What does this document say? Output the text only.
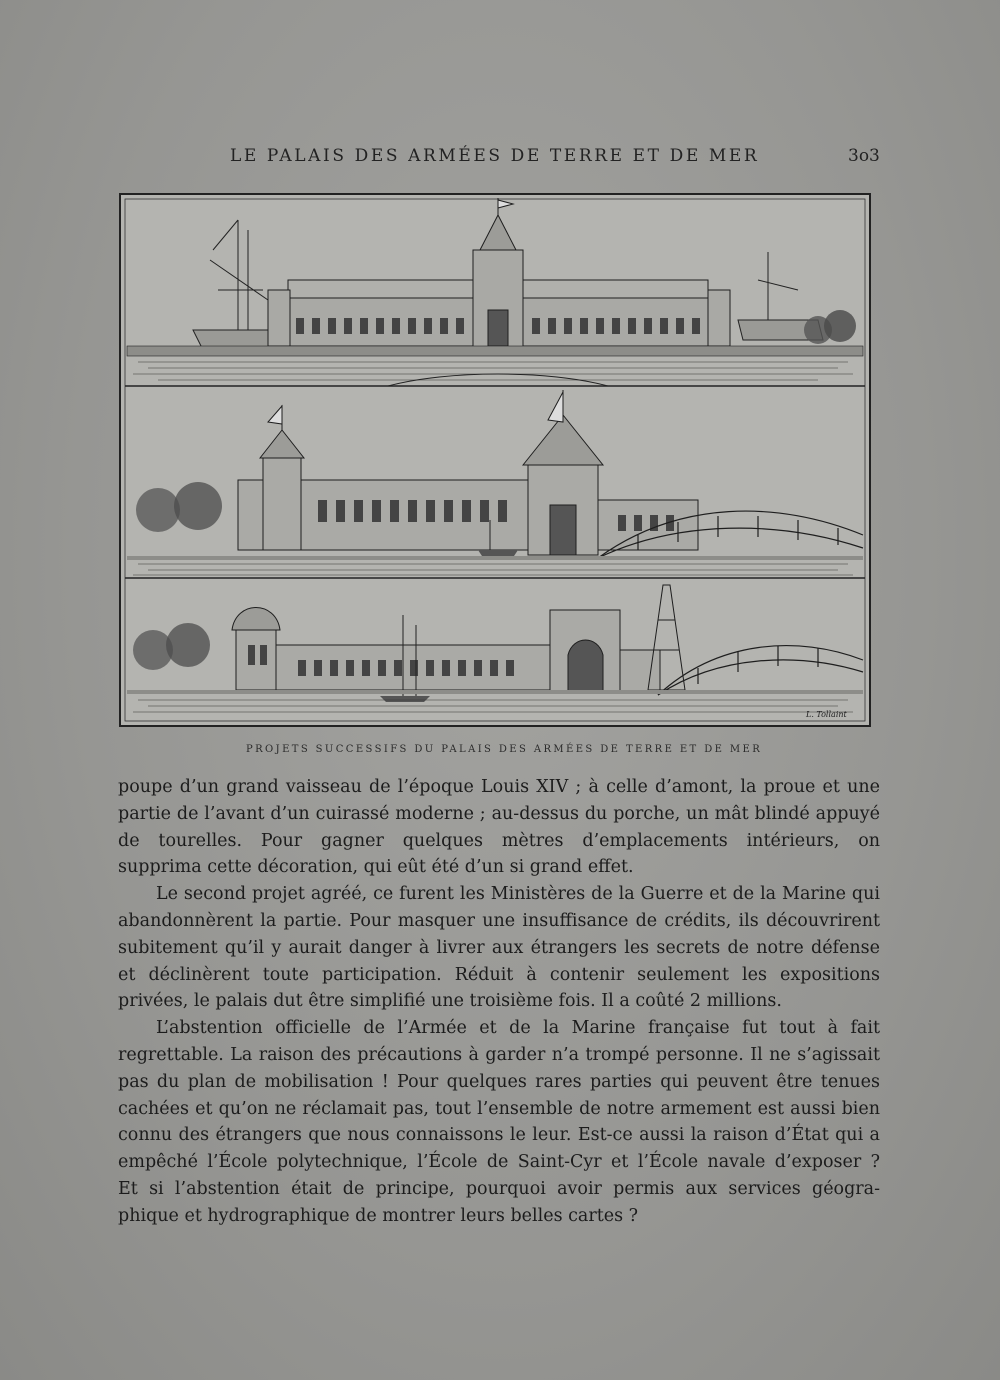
LE PALAIS DES ARMÉES DE TERRE ET DE MER	3o3
L. Tollaint
PROJETS SUCCESSIFS DU PALAIS DES ARMÉES DE TERRE ET DE MER

poupe d’un grand vaisseau de l’époque Louis XIV ; à celle d’amont, la proue et une
partie de l’avant d’un cuirassé moderne ; au-dessus du porche, un mât blindé appuyé
de tourelles. Pour gagner quelques mètres d’emplacements intérieurs, on
supprima cette décoration, qui eût été d’un si grand effet.

Le second projet agréé, ce furent les Ministères de la Guerre et de la Marine qui
abandonnèrent la partie. Pour masquer une insuffisance de crédits, ils découvrirent
subitement qu’il y aurait danger à livrer aux étrangers les secrets de notre défense
et déclinèrent toute participation. Réduit à contenir seulement les expositions
privées, le palais dut être simplifié une troisième fois. Il a coûté 2 millions.

L’abstention officielle de l’Armée et de la Marine française fut tout à fait
regrettable. La raison des précautions à garder n’a trompé personne. Il ne s’agissait
pas du plan de mobilisation ! Pour quelques rares parties qui peuvent être tenues
cachées et qu’on ne réclamait pas, tout l’ensemble de notre armement est aussi bien
connu des étrangers que nous connaissons le leur. Est-ce aussi la raison d’État qui a
empêché l’École polytechnique, l’École de Saint-Cyr et l’École navale d’exposer ?
Et si l’abstention était de principe, pourquoi avoir permis aux services géogra-
phique et hydrographique de montrer leurs belles cartes ?
